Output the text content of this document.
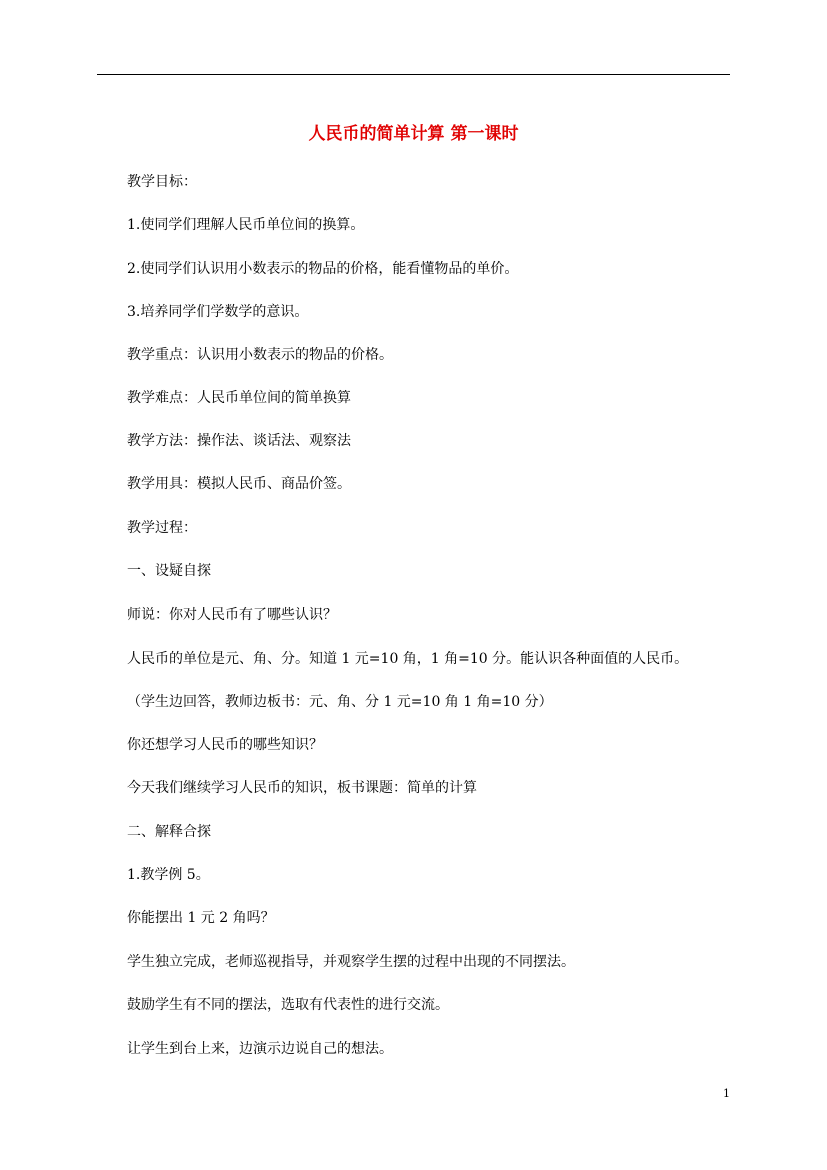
人民币的简单计算 第一课时
教学目标：
1.使同学们理解人民币单位间的换算。
2.使同学们认识用小数表示的物品的价格，能看懂物品的单价。
3.培养同学们学数学的意识。
教学重点：认识用小数表示的物品的价格。
教学难点：人民币单位间的简单换算
教学方法：操作法、谈话法、观察法
教学用具：模拟人民币、商品价签。
教学过程：
一、设疑自探
师说：你对人民币有了哪些认识？
人民币的单位是元、角、分。知道 1 元=10 角，1 角=10 分。能认识各种面值的人民币。
（学生边回答，教师边板书：元、角、分 1 元=10 角 1 角=10 分）
你还想学习人民币的哪些知识？
今天我们继续学习人民币的知识，板书课题：简单的计算
二、解释合探
1.教学例 5。
你能摆出 1 元 2 角吗？
学生独立完成，老师巡视指导，并观察学生摆的过程中出现的不同摆法。
鼓励学生有不同的摆法，选取有代表性的进行交流。
让学生到台上来，边演示边说自己的想法。
1
